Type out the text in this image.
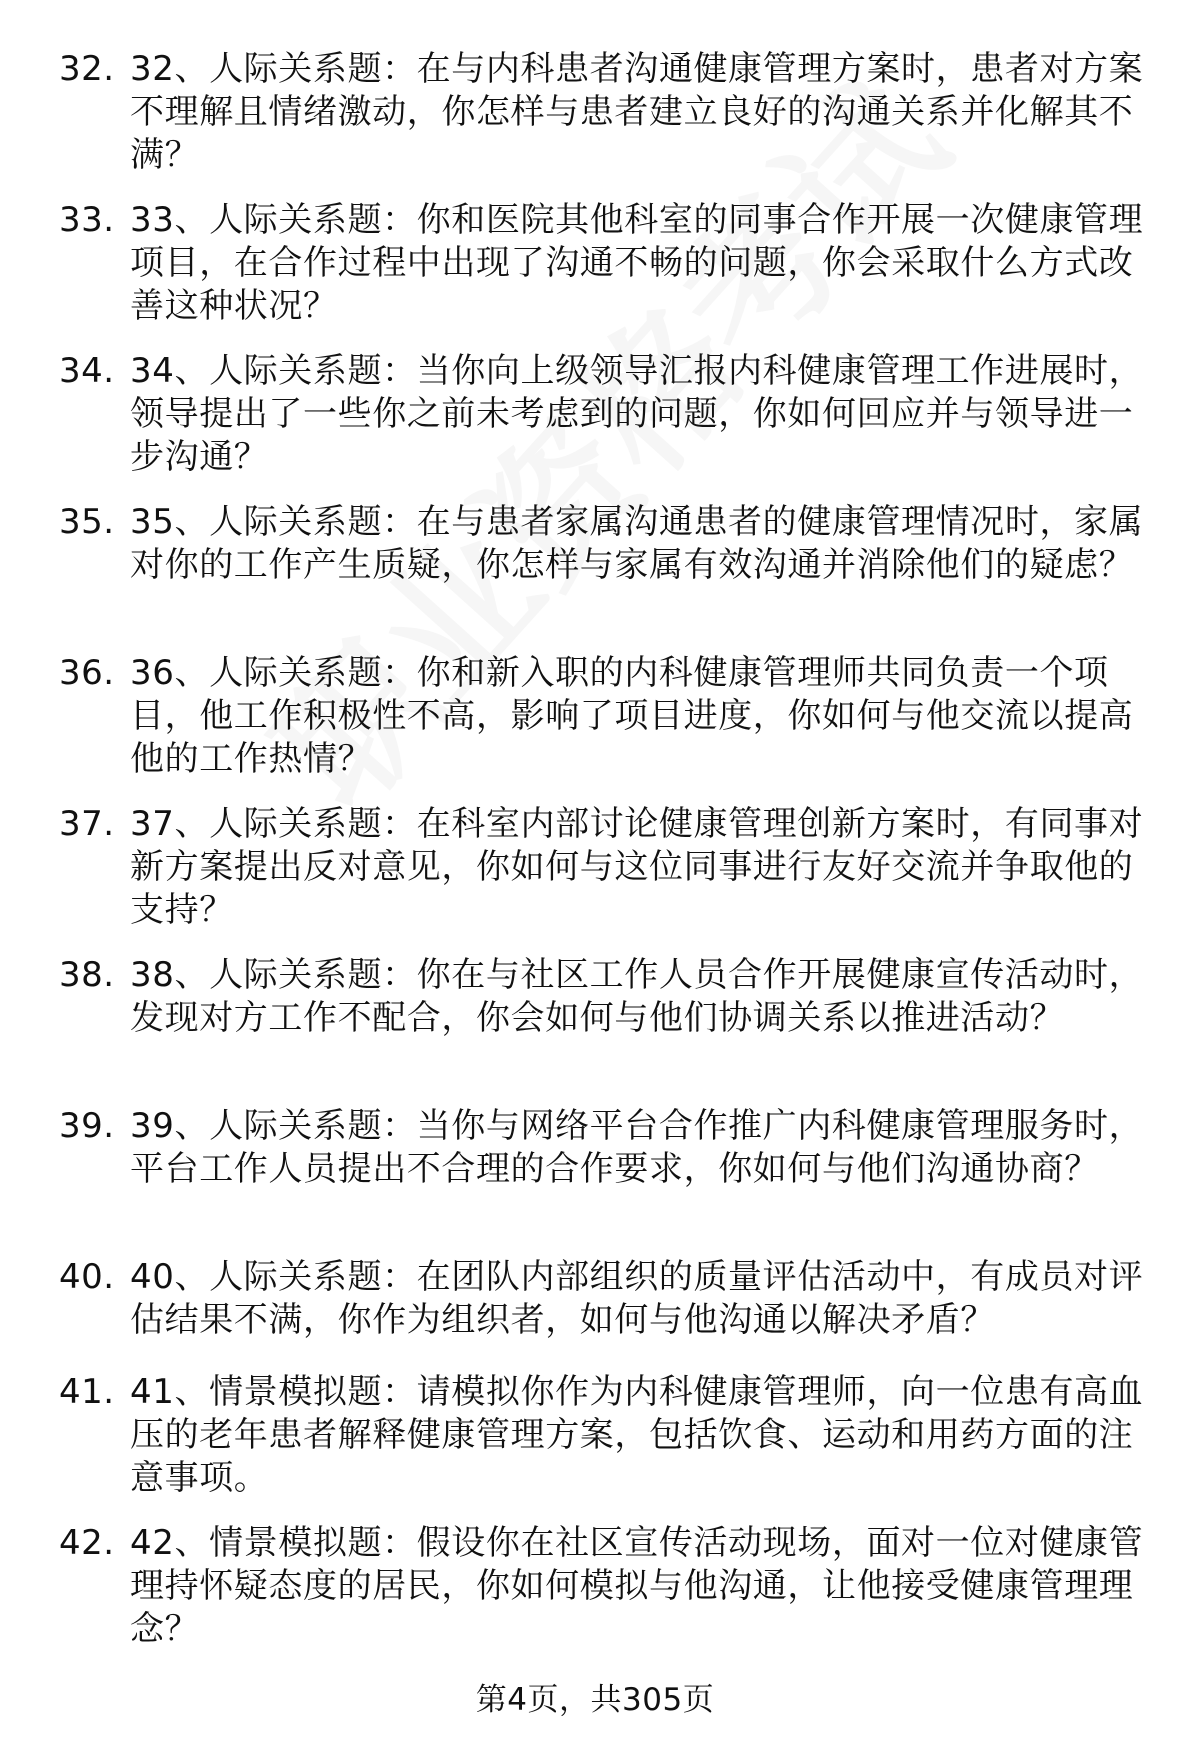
32. 32、人际关系题：在与内科患者沟通健康管理方案时，患者对方案不理解且情绪激动，你怎样与患者建立良好的沟通关系并化解其不满？
33. 33、人际关系题：你和医院其他科室的同事合作开展一次健康管理项目，在合作过程中出现了沟通不畅的问题，你会采取什么方式改善这种状况？
34. 34、人际关系题：当你向上级领导汇报内科健康管理工作进展时，领导提出了一些你之前未考虑到的问题，你如何回应并与领导进一步沟通？
35. 35、人际关系题：在与患者家属沟通患者的健康管理情况时，家属对你的工作产生质疑，你怎样与家属有效沟通并消除他们的疑虑？
36. 36、人际关系题：你和新入职的内科健康管理师共同负责一个项目，他工作积极性不高，影响了项目进度，你如何与他交流以提高他的工作热情？
37. 37、人际关系题：在科室内部讨论健康管理创新方案时，有同事对新方案提出反对意见，你如何与这位同事进行友好交流并争取他的支持？
38. 38、人际关系题：你在与社区工作人员合作开展健康宣传活动时，发现对方工作不配合，你会如何与他们协调关系以推进活动？
39. 39、人际关系题：当你与网络平台合作推广内科健康管理服务时，平台工作人员提出不合理的合作要求，你如何与他们沟通协商？
40. 40、人际关系题：在团队内部组织的质量评估活动中，有成员对评估结果不满，你作为组织者，如何与他沟通以解决矛盾？
41. 41、情景模拟题：请模拟你作为内科健康管理师，向一位患有高血压的老年患者解释健康管理方案，包括饮食、运动和用药方面的注意事项。
42. 42、情景模拟题：假设你在社区宣传活动现场，面对一位对健康管理持怀疑态度的居民，你如何模拟与他沟通，让他接受健康管理理念？
第4页，共305页
